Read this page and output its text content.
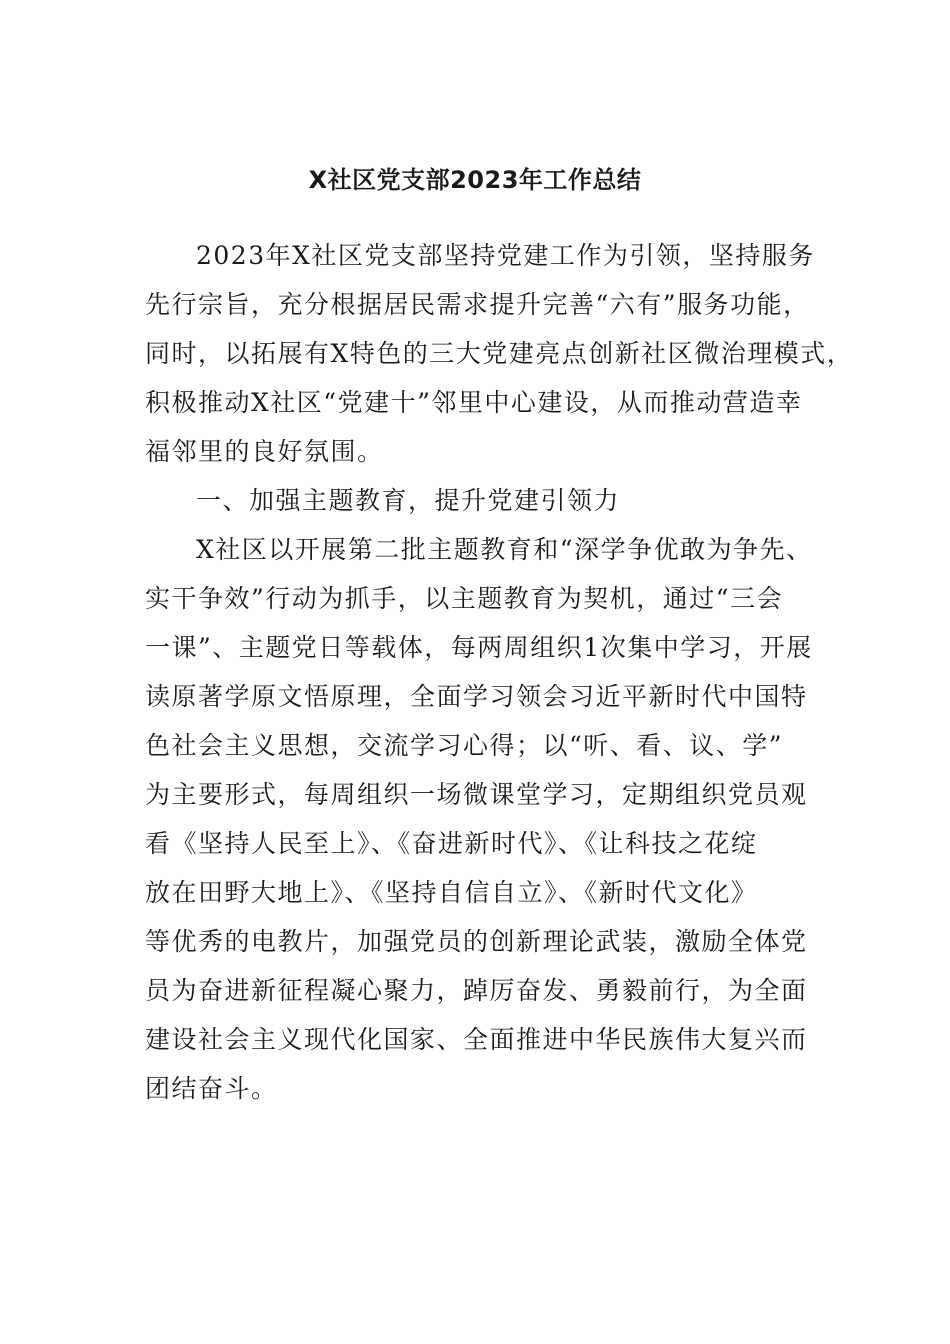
X社区党支部2023年工作总结
2023年X社区党支部坚持党建工作为引领，坚持服务
先行宗旨，充分根据居民需求提升完善“六有”服务功能，
同时，以拓展有X特色的三大党建亮点创新社区微治理模式，
积极推动X社区“党建十”邻里中心建设，从而推动营造幸
福邻里的良好氛围。
一、加强主题教育，提升党建引领力
X社区以开展第二批主题教育和“深学争优敢为争先、
实干争效”行动为抓手，以主题教育为契机，通过“三会
一课”、主题党日等载体，每两周组织1次集中学习，开展
读原著学原文悟原理，全面学习领会习近平新时代中国特
色社会主义思想，交流学习心得；以“听、看、议、学”
为主要形式，每周组织一场微课堂学习，定期组织党员观
看《坚持人民至上》、《奋进新时代》、《让科技之花绽
放在田野大地上》、《坚持自信自立》、《新时代文化》
等优秀的电教片，加强党员的创新理论武装，激励全体党
员为奋进新征程凝心聚力，踔厉奋发、勇毅前行，为全面
建设社会主义现代化国家、全面推进中华民族伟大复兴而
团结奋斗。
